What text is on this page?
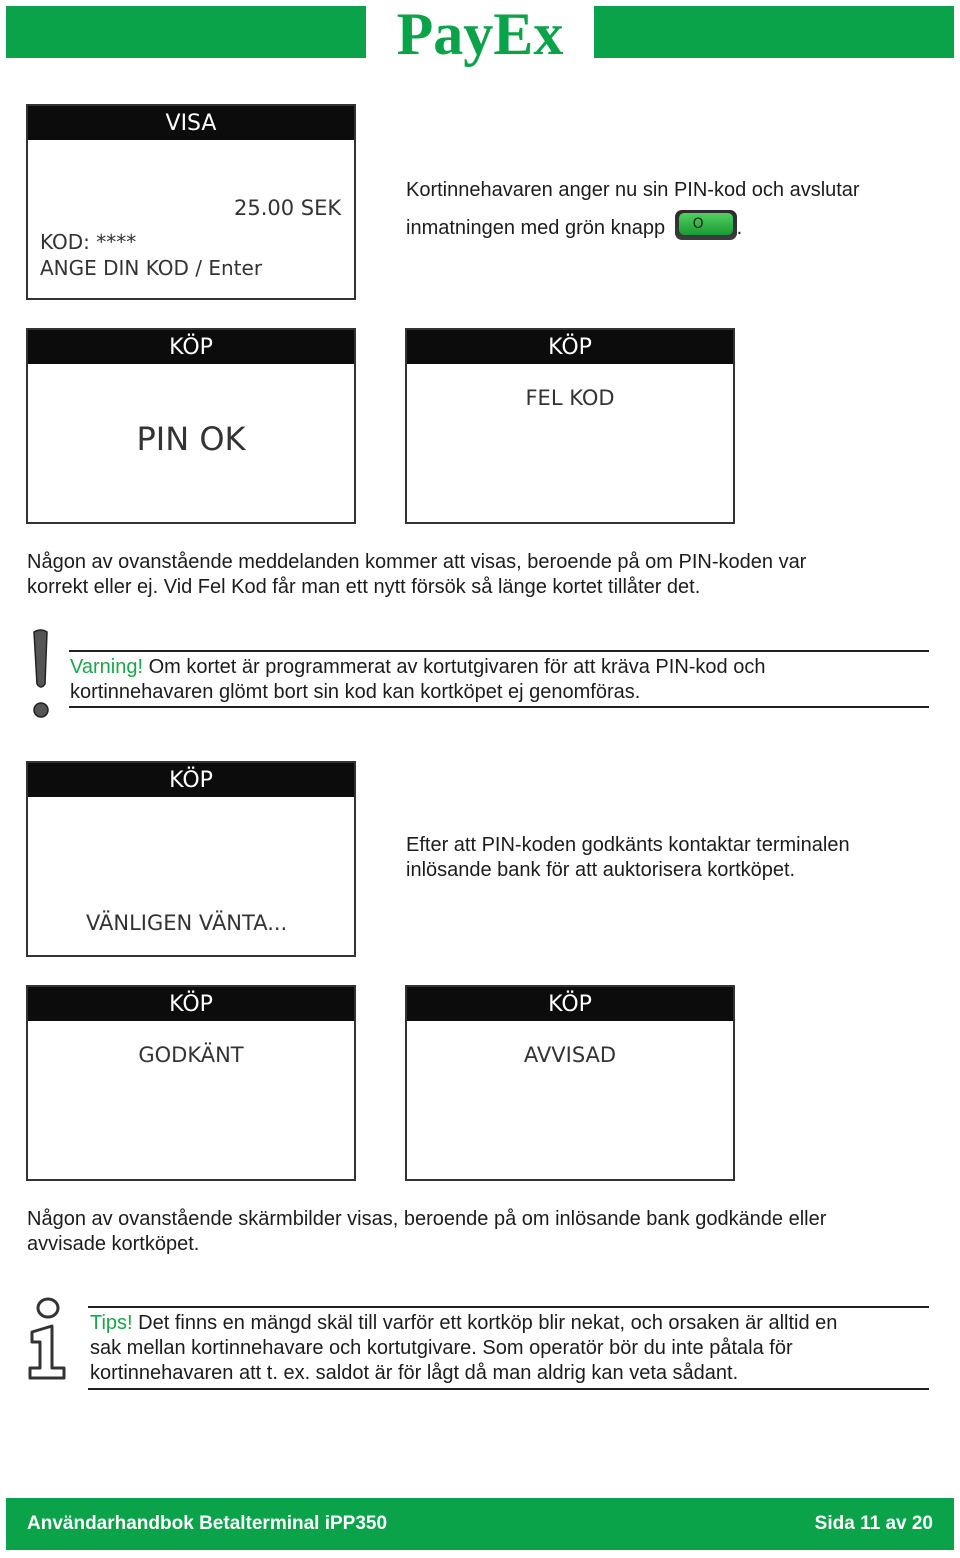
PayEx
VISA
25.00 SEK
KOD: ****
ANGE DIN KOD / Enter
Kortinnehavaren anger nu sin PIN-kod och avslutar
inmatningen med grön knapp	O	.
KÖP
PIN OK
KÖP
FEL KOD
Någon av ovanstående meddelanden kommer att visas, beroende på om PIN-koden var
korrekt eller ej. Vid Fel Kod får man ett nytt försök så länge kortet tillåter det.
Varning! Om kortet är programmerat av kortutgivaren för att kräva PIN-kod och
kortinnehavaren glömt bort sin kod kan kortköpet ej genomföras.
KÖP
VÄNLIGEN VÄNTA...
Efter att PIN-koden godkänts kontaktar terminalen
inlösande bank för att auktorisera kortköpet.
KÖP
GODKÄNT
KÖP
AVVISAD
Någon av ovanstående skärmbilder visas, beroende på om inlösande bank godkände eller
avvisade kortköpet.
Tips! Det finns en mängd skäl till varför ett kortköp blir nekat, och orsaken är alltid en
sak mellan kortinnehavare och kortutgivare. Som operatör bör du inte påtala för
kortinnehavaren att t. ex. saldot är för lågt då man aldrig kan veta sådant.
Användarhandbok Betalterminal iPP350	Sida 11 av 20
